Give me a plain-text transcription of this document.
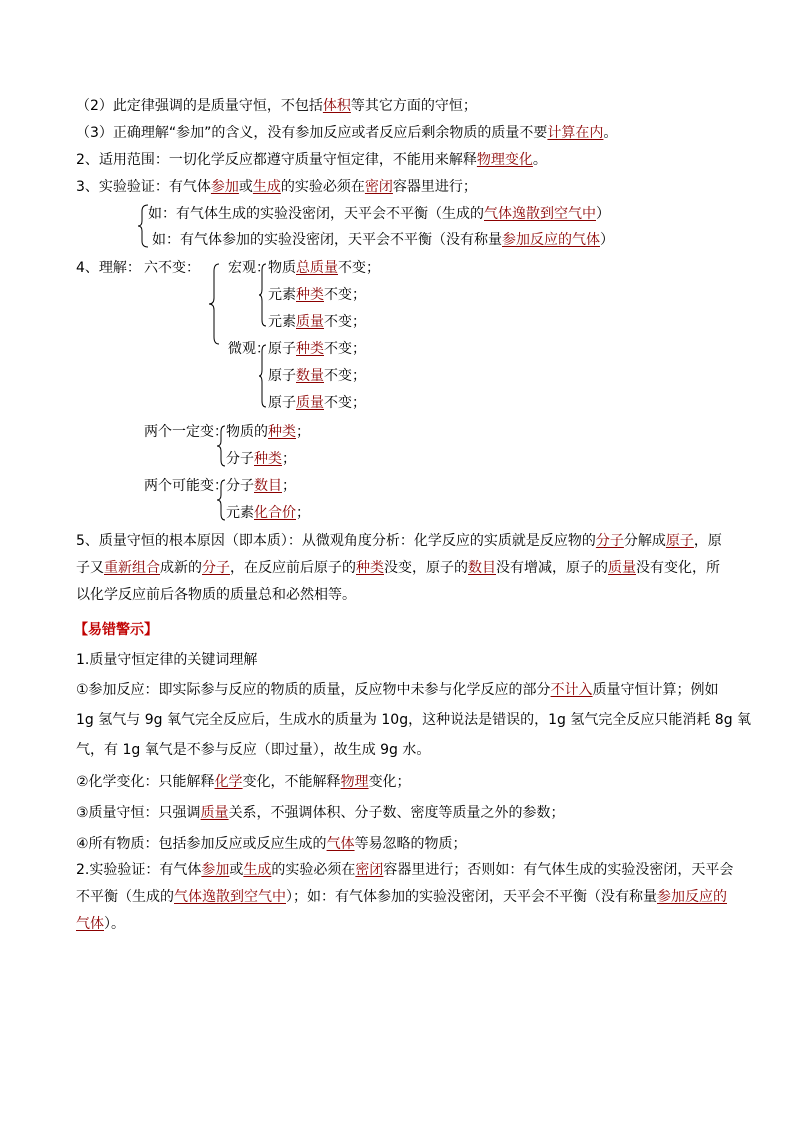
（2）此定律强调的是质量守恒，不包括体积等其它方面的守恒；
（3）正确理解“参加”的含义，没有参加反应或者反应后剩余物质的质量不要计算在内。
2、适用范围：一切化学反应都遵守质量守恒定律，不能用来解释物理变化。
3、实验验证：有气体参加或生成的实验必须在密闭容器里进行；
如：有气体生成的实验没密闭，天平会不平衡（生成的气体逸散到空气中）
如：有气体参加的实验没密闭，天平会不平衡（没有称量参加反应的气体）
4、理解： 六不变： 宏观：
物质总质量不变；
元素种类不变；
元素质量不变；
微观：
原子种类不变；
原子数量不变；
原子质量不变；
两个一定变：
物质的种类；
分子种类；
两个可能变：
分子数目；
元素化合价；
5、质量守恒的根本原因（即本质）：从微观角度分析：化学反应的实质就是反应物的分子分解成原子，原
子又重新组合成新的分子，在反应前后原子的种类没变，原子的数目没有增减，原子的质量没有变化，所
以化学反应前后各物质的质量总和必然相等。
【易错警示】
1.质量守恒定律的关键词理解
①参加反应：即实际参与反应的物质的质量，反应物中未参与化学反应的部分不计入质量守恒计算；例如
1g 氢气与 9g 氧气完全反应后，生成水的质量为 10g，这种说法是错误的，1g 氢气完全反应只能消耗 8g 氧
气，有 1g 氧气是不参与反应（即过量），故生成 9g 水。
②化学变化：只能解释化学变化，不能解释物理变化；
③质量守恒：只强调质量关系，不强调体积、分子数、密度等质量之外的参数；
④所有物质：包括参加反应或反应生成的气体等易忽略的物质；
2.实验验证：有气体参加或生成的实验必须在密闭容器里进行；否则如：有气体生成的实验没密闭，天平会
不平衡（生成的气体逸散到空气中）；如：有气体参加的实验没密闭，天平会不平衡（没有称量参加反应的
气体）。
